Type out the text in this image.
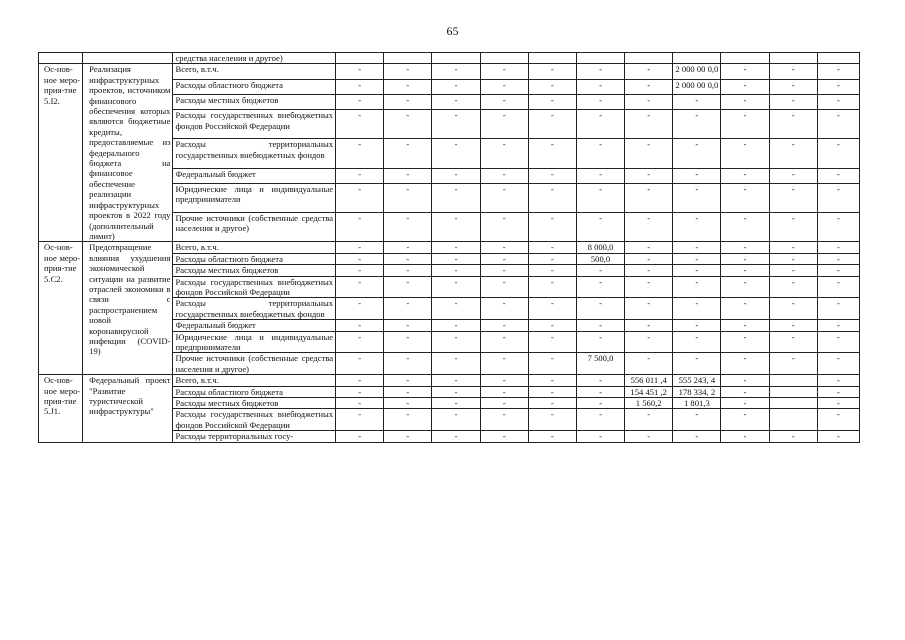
65
		средства населения и другое)											
Ос-нов-ное меро-прия-тие 5.I2.	Реализация инфраструктурных проектов, источником финансового обеспечения которых являются бюджетные кредиты, предоставляемые из федерального бюджета на финансовое обеспечение реализации инфраструктурных проектов в 2022 году (дополнительный лимит)	Всего, в.т.ч.	-	-	-	-	-	-	-	2 000 00 0,0	-	-	-
		Расходы областного бюджета	-	-	-	-	-	-	-	2 000 00 0,0	-	-	-
		Расходы местных бюджетов	-	-	-	-	-	-	-	-	-	-	-
		Расходы государственных внебюджетных фондов Российской Федерации	-	-	-	-	-	-	-	-	-	-	-
		Расходы территориальных государственных внебюджетных фондов	-	-	-	-	-	-	-	-	-	-	-
		Федеральный бюджет	-	-	-	-	-	-	-	-	-	-	-
		Юридические лица и индивидуальные предприниматели	-	-	-	-	-	-	-	-	-	-	-
		Прочие источники (собственные средства населения и другое)	-	-	-	-	-	-	-	-	-	-	-
Ос-нов-ное меро-прия-тие 5.С2.	Предотвращение влияния ухудшения экономической ситуации на развитие отраслей экономики в связи с распространением новой коронавирусной инфекции (COVID-19)	Всего, в.т.ч.	-	-	-	-	-	8 000,0	-	-	-	-	-
		Расходы областного бюджета	-	-	-	-	-	500,0	-	-	-	-	-
		Расходы местных бюджетов	-	-	-	-	-	-	-	-	-	-	-
		Расходы государственных внебюджетных фондов Российской Федерации	-	-	-	-	-	-	-	-	-	-	-
		Расходы территориальных государственных внебюджетных фондов	-	-	-	-	-	-	-	-	-	-	-
		Федеральный бюджет	-	-	-	-	-	-	-	-	-	-	-
		Юридические лица и индивидуальные предприниматели	-	-	-	-	-	-	-	-	-	-	-
		Прочие источники (собственные средства населения и другое)	-	-	-	-	-	7 500,0	-	-	-	-	-
Ос-нов-ное меро-прия-тие 5.J1.	Федеральный проект "Развитие туристической инфраструктуры"	Всего, в.т.ч.	-	-	-	-	-	-	556 011 ,4	555 243, 4	-		-
		Расходы областного бюджета	-	-	-	-	-	-	154 451 ,2	178 334, 2	-		-
		Расходы местных бюджетов	-	-	-	-	-	-	1 560,2	1 801,3	-		-
		Расходы государственных внебюджетных фондов Российской Федерации	-	-	-	-	-	-	-	-	-		-
		Расходы территориальных госу-	-	-	-	-	-	-	-	-	-	-	-
